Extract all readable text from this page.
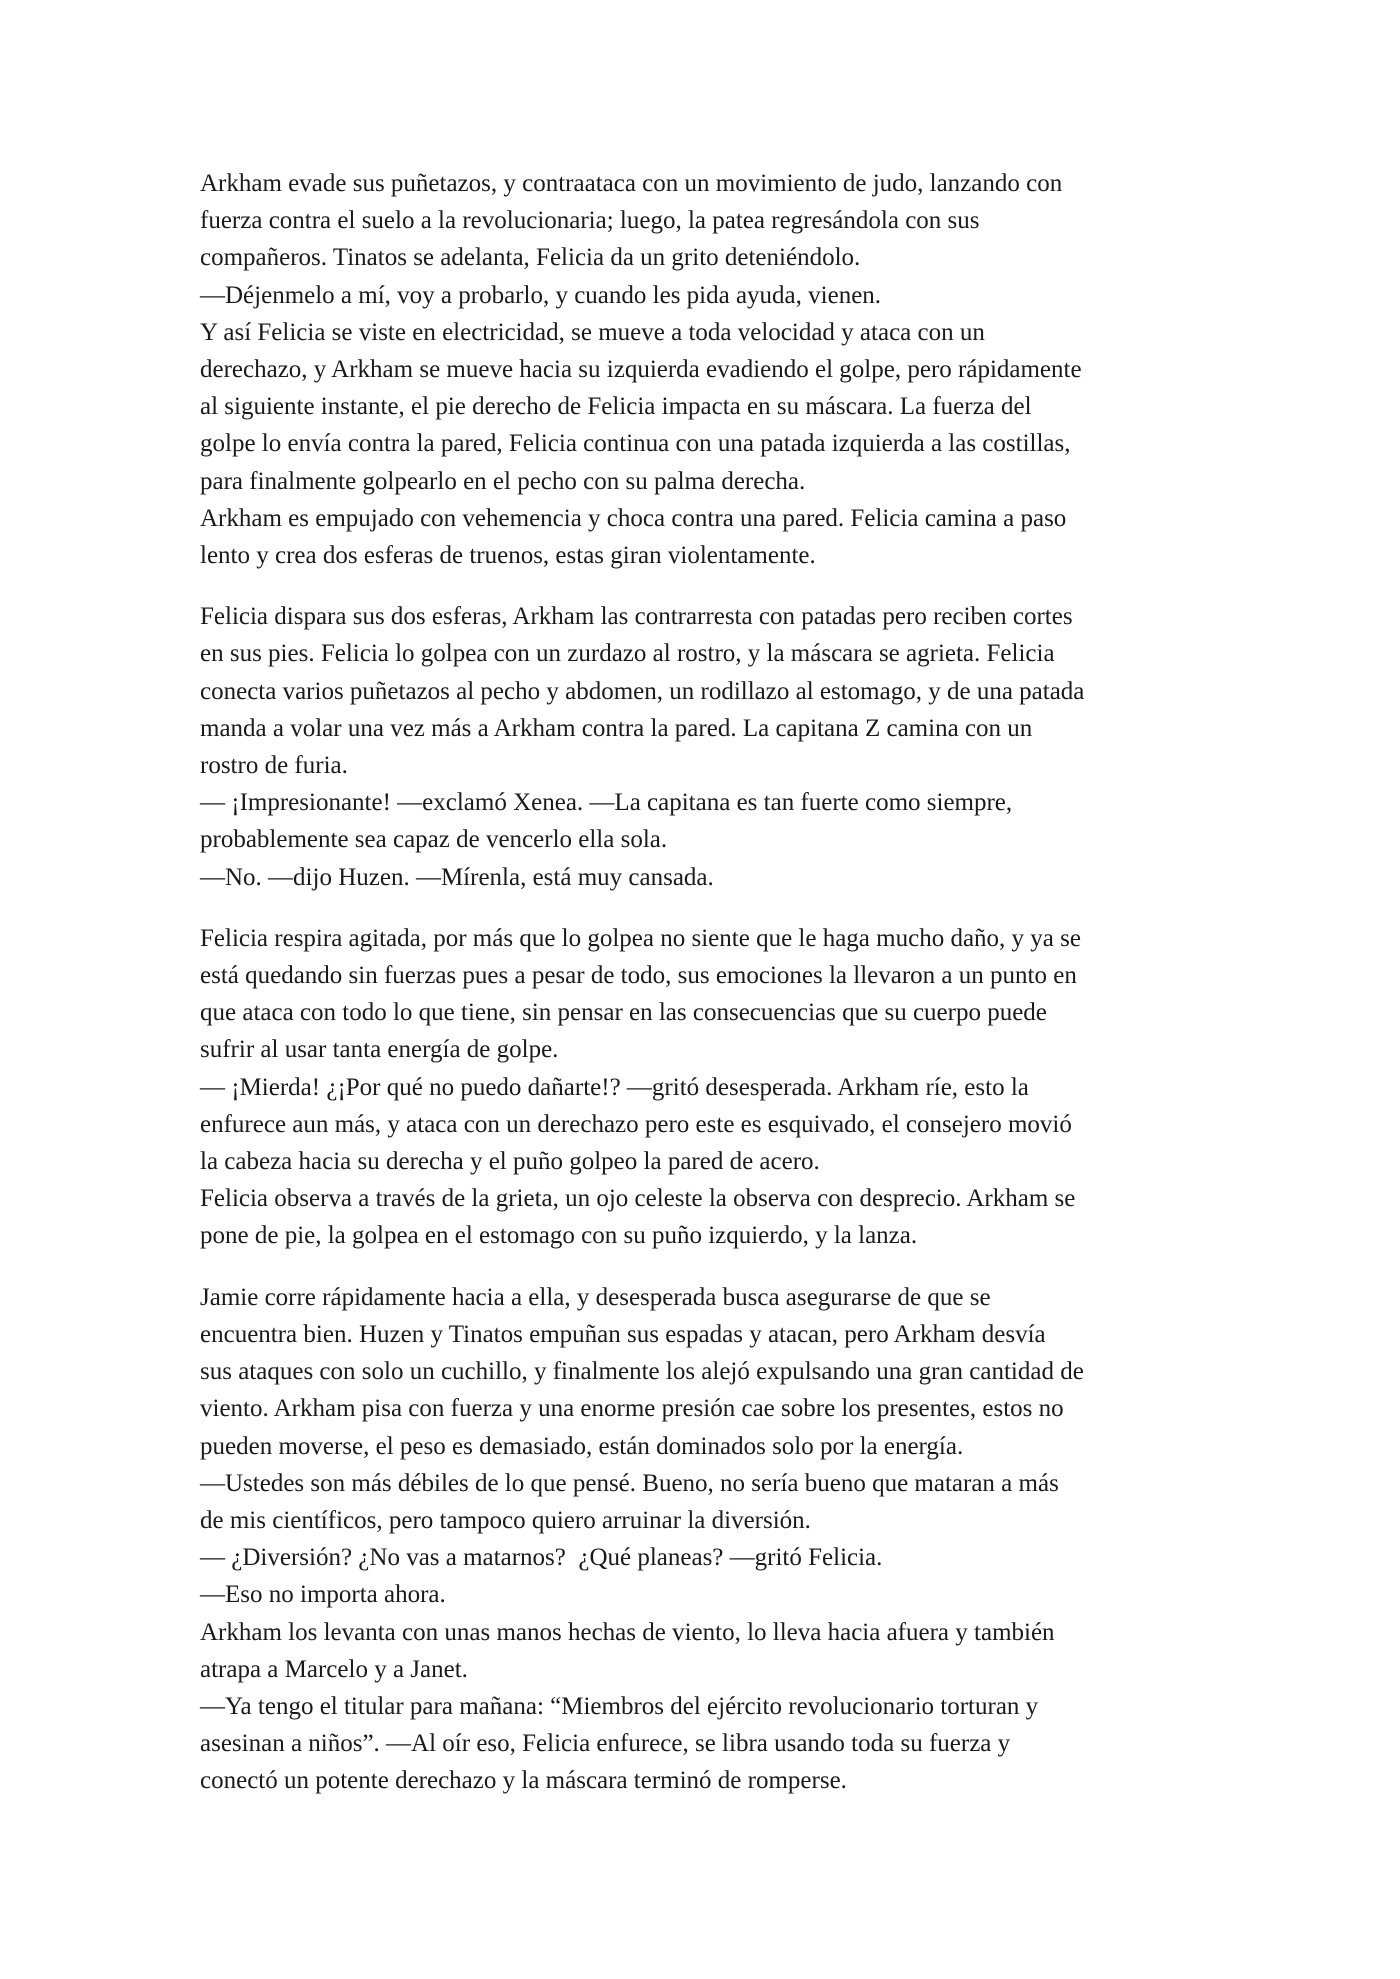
Arkham evade sus puñetazos, y contraataca con un movimiento de judo, lanzando con

fuerza contra el suelo a la revolucionaria; luego, la patea regresándola con sus

compañeros. Tinatos se adelanta, Felicia da un grito deteniéndolo.

—Déjenmelo a mí, voy a probarlo, y cuando les pida ayuda, vienen.

Y así Felicia se viste en electricidad, se mueve a toda velocidad y ataca con un

derechazo, y Arkham se mueve hacia su izquierda evadiendo el golpe, pero rápidamente

al siguiente instante, el pie derecho de Felicia impacta en su máscara. La fuerza del

golpe lo envía contra la pared, Felicia continua con una patada izquierda a las costillas,

para finalmente golpearlo en el pecho con su palma derecha.

Arkham es empujado con vehemencia y choca contra una pared. Felicia camina a paso

lento y crea dos esferas de truenos, estas giran violentamente.

Felicia dispara sus dos esferas, Arkham las contrarresta con patadas pero reciben cortes

en sus pies. Felicia lo golpea con un zurdazo al rostro, y la máscara se agrieta. Felicia

conecta varios puñetazos al pecho y abdomen, un rodillazo al estomago, y de una patada

manda a volar una vez más a Arkham contra la pared. La capitana Z camina con un

rostro de furia.

— ¡Impresionante! —exclamó Xenea. —La capitana es tan fuerte como siempre,

probablemente sea capaz de vencerlo ella sola.

—No. —dijo Huzen. —Mírenla, está muy cansada.

Felicia respira agitada, por más que lo golpea no siente que le haga mucho daño, y ya se

está quedando sin fuerzas pues a pesar de todo, sus emociones la llevaron a un punto en

que ataca con todo lo que tiene, sin pensar en las consecuencias que su cuerpo puede

sufrir al usar tanta energía de golpe.

— ¡Mierda! ¿¡Por qué no puedo dañarte!? —gritó desesperada. Arkham ríe, esto la

enfurece aun más, y ataca con un derechazo pero este es esquivado, el consejero movió

la cabeza hacia su derecha y el puño golpeo la pared de acero.

Felicia observa a través de la grieta, un ojo celeste la observa con desprecio. Arkham se

pone de pie, la golpea en el estomago con su puño izquierdo, y la lanza.

Jamie corre rápidamente hacia a ella, y desesperada busca asegurarse de que se

encuentra bien. Huzen y Tinatos empuñan sus espadas y atacan, pero Arkham desvía

sus ataques con solo un cuchillo, y finalmente los alejó expulsando una gran cantidad de

viento. Arkham pisa con fuerza y una enorme presión cae sobre los presentes, estos no

pueden moverse, el peso es demasiado, están dominados solo por la energía.

—Ustedes son más débiles de lo que pensé. Bueno, no sería bueno que mataran a más

de mis científicos, pero tampoco quiero arruinar la diversión.

— ¿Diversión? ¿No vas a matarnos?  ¿Qué planeas? —gritó Felicia.

—Eso no importa ahora.

Arkham los levanta con unas manos hechas de viento, lo lleva hacia afuera y también

atrapa a Marcelo y a Janet.

—Ya tengo el titular para mañana: “Miembros del ejército revolucionario torturan y

asesinan a niños”. —Al oír eso, Felicia enfurece, se libra usando toda su fuerza y

conectó un potente derechazo y la máscara terminó de romperse.
